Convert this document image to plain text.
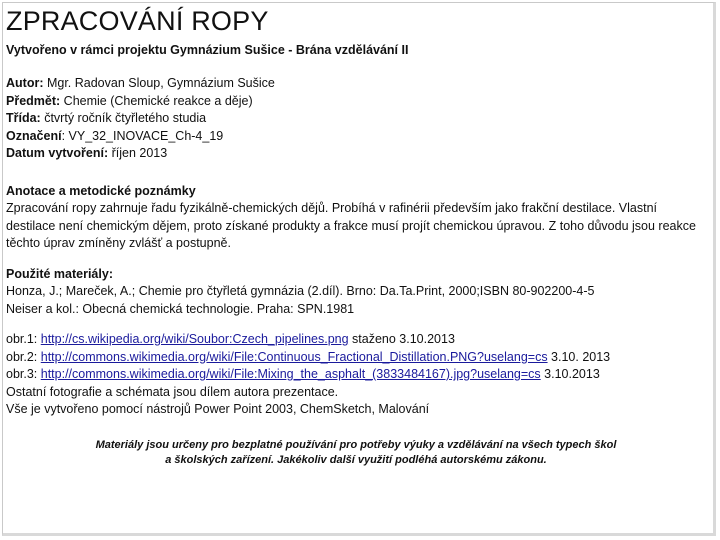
ZPRACOVÁNÍ ROPY
Vytvořeno v rámci projektu Gymnázium Sušice - Brána vzdělávání II
Autor: Mgr. Radovan Sloup, Gymnázium Sušice
Předmět: Chemie (Chemické reakce a děje)
Třída: čtvrtý ročník čtyřletého studia
Označení: VY_32_INOVACE_Ch-4_19
Datum vytvoření: říjen 2013
Anotace a metodické poznámky
Zpracování ropy zahrnuje řadu fyzikálně-chemických dějů. Probíhá v rafinérii především jako frakční destilace. Vlastní destilace není chemickým dějem, proto získané produkty a frakce musí projít chemickou úpravou. Z toho důvodu jsou reakce těchto úprav zmíněny zvlášť a postupně.
Použité materiály:
Honza, J.; Mareček, A.; Chemie pro čtyřletá gymnázia (2.díl). Brno: Da.Ta.Print, 2000;ISBN 80-902200-4-5
Neiser a kol.: Obecná chemická technologie. Praha: SPN.1981
obr.1: http://cs.wikipedia.org/wiki/Soubor:Czech_pipelines.png staženo 3.10.2013
obr.2: http://commons.wikimedia.org/wiki/File:Continuous_Fractional_Distillation.PNG?uselang=cs 3.10. 2013
obr.3: http://commons.wikimedia.org/wiki/File:Mixing_the_asphalt_(3833484167).jpg?uselang=cs 3.10.2013
Ostatní fotografie a schémata jsou dílem autora prezentace.
Vše je vytvořeno pomocí nástrojů Power Point 2003, ChemSketch, Malování
Materiály jsou určeny pro bezplatné používání pro potřeby výuky a vzdělávání na všech typech škol
a školských zařízení. Jakékoliv další využití podléhá autorskému zákonu.
